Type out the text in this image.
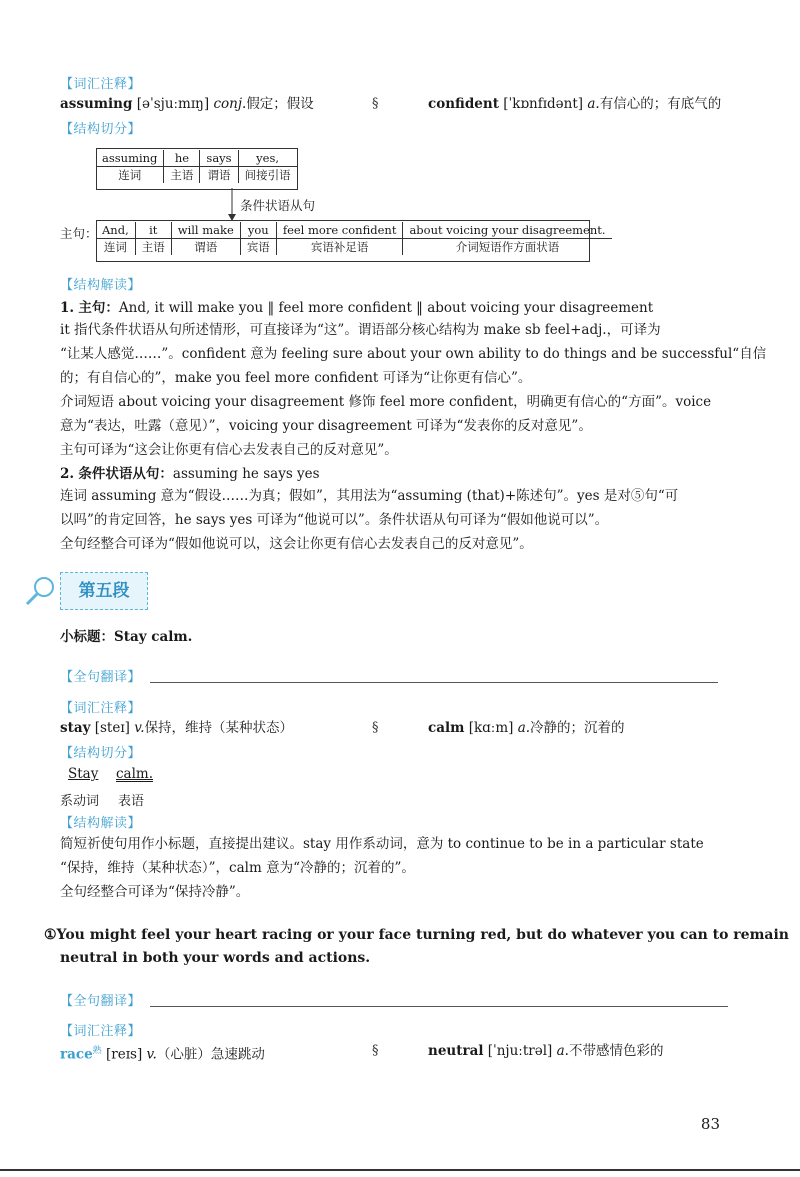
【词汇注释】
assuming [əˈsjuːmɪŋ] conj.假定；假设	§	confident [ˈkɒnfɪdənt] a.有信心的；有底气的
【结构切分】
assuming	he	says	yes,
连词	主语	谓语	间接引语
条件状语从句
主句： And,	it	will make	you	feel more confident	about voicing your disagreement.
连词	主语	谓语	宾语	宾语补足语	介词短语作方面状语
【结构解读】
1. 主句：And, it will make you ‖ feel more confident ‖ about voicing your disagreement
it 指代条件状语从句所述情形，可直接译为“这”。谓语部分核心结构为 make sb feel+adj.，可译为
“让某人感觉……”。confident 意为 feeling sure about your own ability to do things and be successful“自信
的；有自信心的”，make you feel more confident 可译为“让你更有信心”。
介词短语 about voicing your disagreement 修饰 feel more confident，明确更有信心的“方面”。voice
意为“表达，吐露（意见）”，voicing your disagreement 可译为“发表你的反对意见”。
主句可译为“这会让你更有信心去发表自己的反对意见”。
2. 条件状语从句：assuming he says yes
连词 assuming 意为“假设……为真；假如”，其用法为“assuming (that)+陈述句”。yes 是对⑤句“可
以吗”的肯定回答，he says yes 可译为“他说可以”。条件状语从句可译为“假如他说可以”。
全句经整合可译为“假如他说可以，这会让你更有信心去发表自己的反对意见”。
第五段
小标题：Stay calm.
【全句翻译】
【词汇注释】
stay [steɪ] v.保持，维持（某种状态）	§	calm [kɑːm] a.冷静的；沉着的
【结构切分】
Stay calm.
系动词 表语
【结构解读】
简短祈使句用作小标题，直接提出建议。stay 用作系动词，意为 to continue to be in a particular state
“保持，维持（某种状态）”，calm 意为“冷静的；沉着的”。
全句经整合可译为“保持冷静”。
①You might feel your heart racing or your face turning red, but do whatever you can to remain
neutral in both your words and actions.
【全句翻译】
【词汇注释】
race$^熟$ [reɪs] v.（心脏）急速跳动	§	neutral [ˈnjuːtrəl] a.不带感情色彩的
83
